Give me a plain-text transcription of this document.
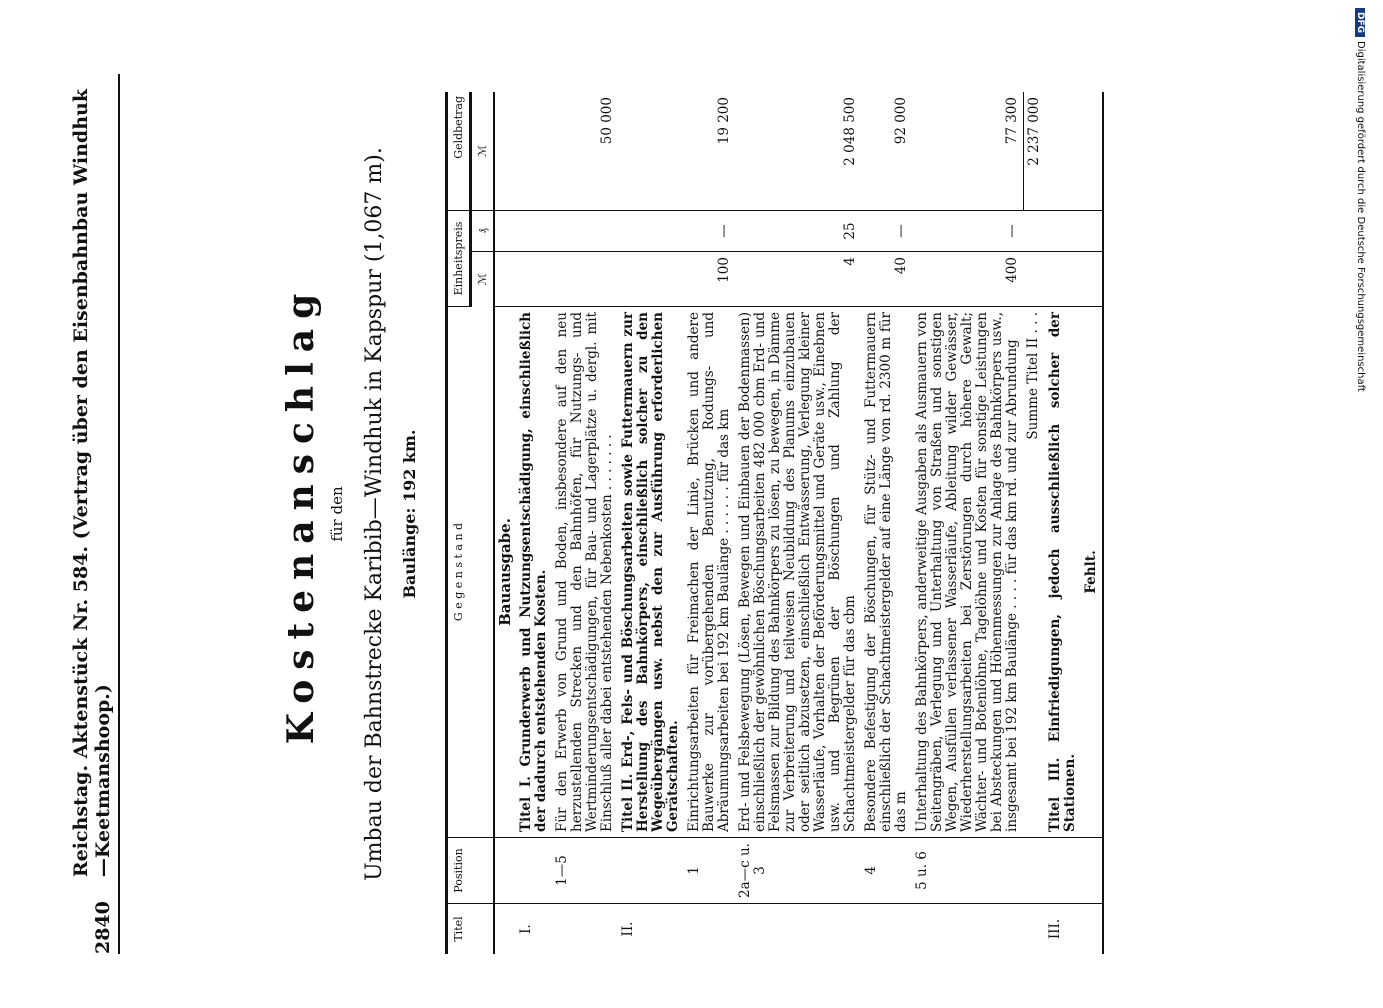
2840
Reichstag. Aktenstück Nr. 584. (Vertrag über den Eisenbahnbau Windhuk—Keetmanshoop.)
Kostenanschlag für den Umbau der Bahnstrecke Karibib—Windhuk in Kapspur (1,067 m). Baulänge: 192 km.
Titel	Position	G e g e n s t a n d	Einheitspreis		Geldbetrag
			ℳ	₰	ℳ
		Bauausgabe.			
I.		Titel I. Grunderwerb und Nutzungsentschädigung, einschließlich der dadurch entstehenden Kosten.			
	1—5	Für den Erwerb von Grund und Boden, insbesondere auf den neu herzustellenden Strecken und den Bahnhöfen, für Nutzungs- und Wertminderungsentschädigungen, für Bau- und Lagerplätze u. dergl. mit Einschluß aller dabei entstehenden Nebenkosten . . . . . . .			50 000
II.		Titel II. Erd-, Fels- und Böschungsarbeiten sowie Futtermauern zur Herstellung des Bahnkörpers, einschließlich solcher zu den Wegeübergängen usw. nebst den zur Ausführung erforderlichen Gerätschaften.			
	1	Einrichtungsarbeiten für Freimachen der Linie, Brücken und andere Bauwerke zur vorübergehenden Benutzung, Rodungs- und Abräumungsarbeiten bei 192 km Baulänge . . . . . . für das km	100	—	19 200
	2a—c u. 3	Erd- und Felsbewegung (Lösen, Bewegen und Einbauen der Bodenmassen) einschließlich der gewöhnlichen Böschungsarbeiten 482 000 cbm Erd- und Felsmassen zur Bildung des Bahnkörpers zu lösen, zu bewegen, in Dämme zur Verbreiterung und teilweisen Neubildung des Planums einzubauen oder seitlich abzusetzen, einschließlich Entwässerung, Verlegung kleiner Wasserläufe, Vorhalten der Beförderungsmittel und Geräte usw., Einebnen usw. und Begrünen der Böschungen und Zahlung der Schachtmeistergelder für das cbm	4	25	2 048 500
	4	Besondere Befestigung der Böschungen, für Stütz- und Futtermauern einschließlich der Schachtmeistergelder auf eine Länge von rd. 2300 m für das m	40	—	92 000
	5 u. 6	Unterhaltung des Bahnkörpers, anderweitige Ausgaben als Ausmauern von Seitengräben, Verlegung und Unterhaltung von Straßen und sonstigen Wegen, Ausfüllen verlassener Wasserläufe, Ableitung wilder Gewässer, Wiederherstellungsarbeiten bei Zerstörungen durch höhere Gewalt; Wächter- und Botenlöhne, Tagelöhne und Kosten für sonstige Leistungen bei Absteckungen und Höhenmessungen zur Anlage des Bahnkörpers usw., insgesamt bei 192 km Baulänge . . . . für das km rd. und zur Abrundung	400	—	77 300
		Summe Titel II . . .			2 237 000
III.		Titel III. Einfriedigungen, jedoch ausschließlich solcher der Stationen.			
		Fehlt.			
DFG
Digitalisierung gefördert durch die Deutsche Forschungsgemeinschaft
